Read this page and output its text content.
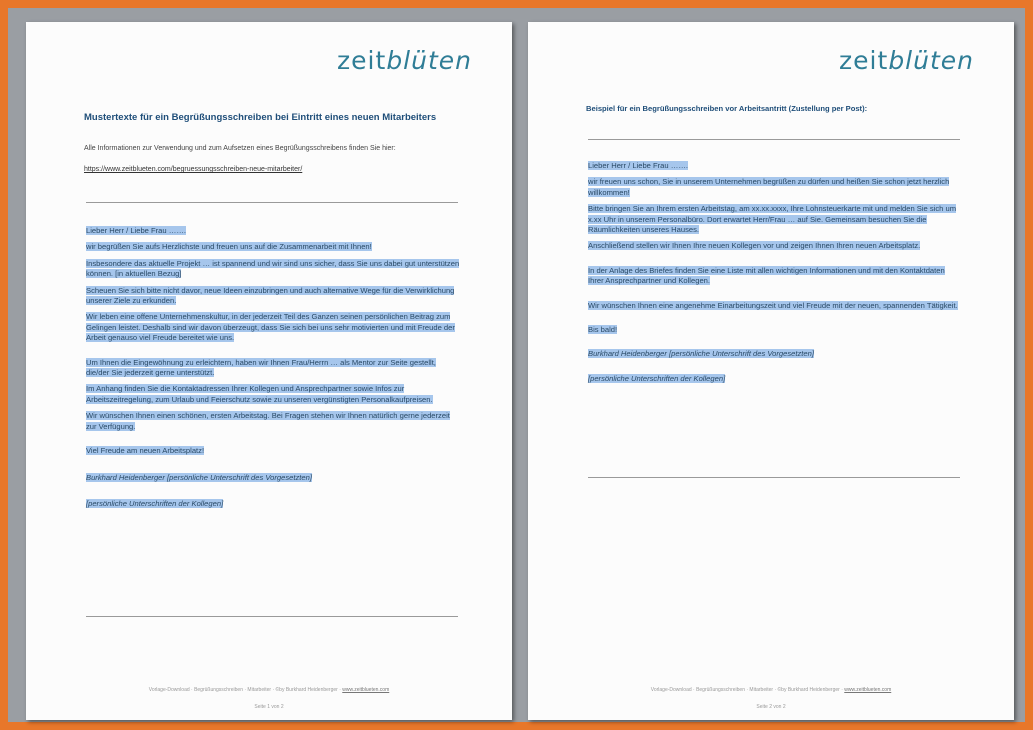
zeitblüten
Mustertexte für ein Begrüßungsschreiben bei Eintritt eines neuen Mitarbeiters
Alle Informationen zur Verwendung und zum Aufsetzen eines Begrüßungsschreibens finden Sie hier:
https://www.zeitblueten.com/begruessungsschreiben-neue-mitarbeiter/
Lieber Herr / Liebe Frau …….
wir begrüßen Sie aufs Herzlichste und freuen uns auf die Zusammenarbeit mit Ihnen!
Insbesondere das aktuelle Projekt … ist spannend und wir sind uns sicher, dass Sie uns dabei gut unterstützen können. [in aktuellen Bezug]
Scheuen Sie sich bitte nicht davor, neue Ideen einzubringen und auch alternative Wege für die Verwirklichung unserer Ziele zu erkunden.
Wir leben eine offene Unternehmenskultur, in der jederzeit Teil des Ganzen seinen persönlichen Beitrag zum Gelingen leistet. Deshalb sind wir davon überzeugt, dass Sie sich bei uns sehr motivierten und mit Freude der Arbeit genauso viel Freude bereitet wie uns.
Um Ihnen die Eingewöhnung zu erleichtern, haben wir Ihnen Frau/Herrn … als Mentor zur Seite gestellt, die/der Sie jederzeit gerne unterstützt.
Im Anhang finden Sie die Kontaktadressen Ihrer Kollegen und Ansprechpartner sowie Infos zur Arbeitszeitregelung, zum Urlaub und Feierschutz sowie zu unseren vergünstigten Personalkaufpreisen.
Wir wünschen Ihnen einen schönen, ersten Arbeitstag. Bei Fragen stehen wir Ihnen natürlich gerne jederzeit zur Verfügung.
Viel Freude am neuen Arbeitsplatz!
Burkhard Heidenberger [persönliche Unterschrift des Vorgesetzten]
[persönliche Unterschriften der Kollegen]
Vorlage-Download · Begrüßungsschreiben · Mitarbeiter · ©by Burkhard Heidenberger · www.zeitblueten.com
Seite 1 von 2
zeitblüten
Beispiel für ein Begrüßungsschreiben vor Arbeitsantritt (Zustellung per Post):
Lieber Herr / Liebe Frau …….
wir freuen uns schon, Sie in unserem Unternehmen begrüßen zu dürfen und heißen Sie schon jetzt herzlich willkommen!
Bitte bringen Sie an Ihrem ersten Arbeitstag, am xx.xx.xxxx, Ihre Lohnsteuerkarte mit und melden Sie sich um x.xx Uhr in unserem Personalbüro. Dort erwartet Herr/Frau … auf Sie. Gemeinsam besuchen Sie die Räumlichkeiten unseres Hauses.
Anschließend stellen wir Ihnen Ihre neuen Kollegen vor und zeigen Ihnen Ihren neuen Arbeitsplatz.
In der Anlage des Briefes finden Sie eine Liste mit allen wichtigen Informationen und mit den Kontaktdaten Ihrer Ansprechpartner und Kollegen.
Wir wünschen Ihnen eine angenehme Einarbeitungszeit und viel Freude mit der neuen, spannenden Tätigkeit.
Bis bald!
Burkhard Heidenberger [persönliche Unterschrift des Vorgesetzten]
[persönliche Unterschriften der Kollegen]
Vorlage-Download · Begrüßungsschreiben · Mitarbeiter · ©by Burkhard Heidenberger · www.zeitblueten.com
Seite 2 von 2
